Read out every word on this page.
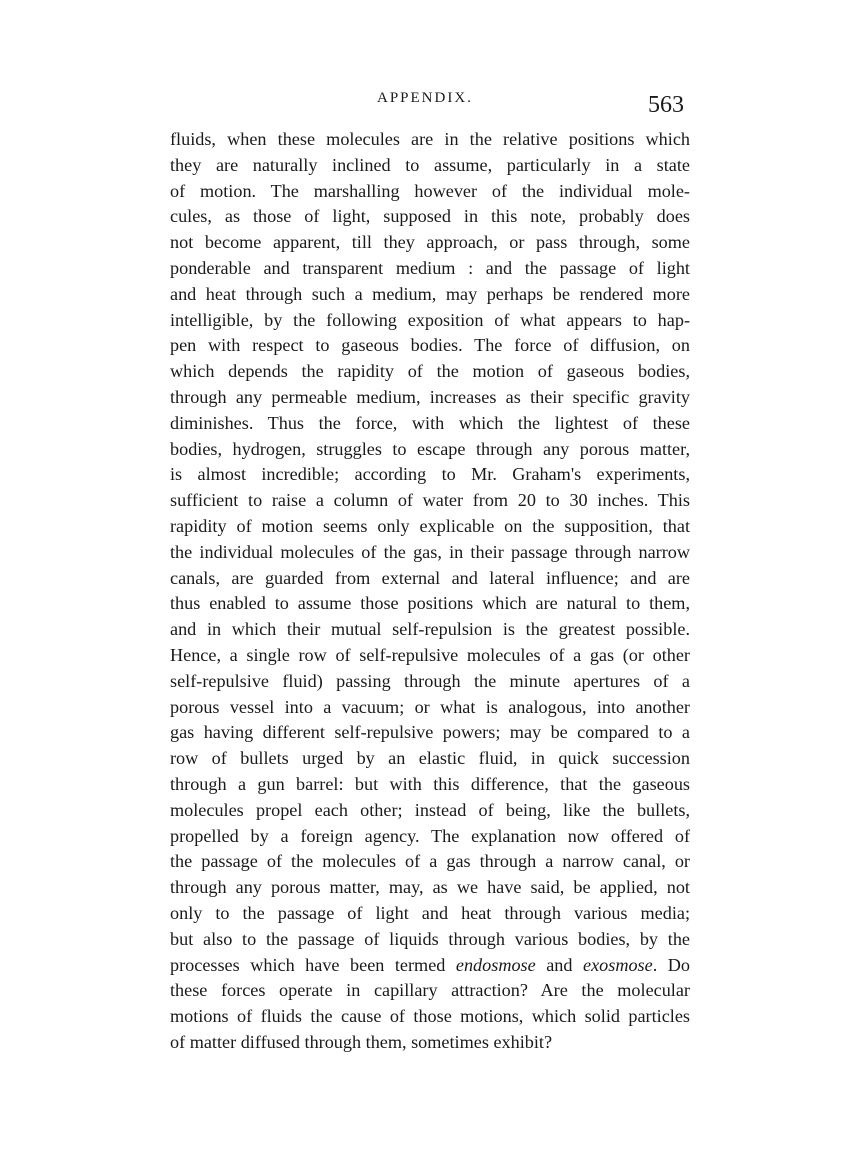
APPENDIX.	563
fluids, when these molecules are in the relative positions which
they are naturally inclined to assume, particularly in a state
of motion. The marshalling however of the individual mole-
cules, as those of light, supposed in this note, probably does
not become apparent, till they approach, or pass through, some
ponderable and transparent medium : and the passage of light
and heat through such a medium, may perhaps be rendered more
intelligible, by the following exposition of what appears to hap-
pen with respect to gaseous bodies. The force of diffusion, on
which depends the rapidity of the motion of gaseous bodies,
through any permeable medium, increases as their specific gravity
diminishes. Thus the force, with which the lightest of these
bodies, hydrogen, struggles to escape through any porous matter,
is almost incredible; according to Mr. Graham's experiments,
sufficient to raise a column of water from 20 to 30 inches. This
rapidity of motion seems only explicable on the supposition, that
the individual molecules of the gas, in their passage through narrow
canals, are guarded from external and lateral influence; and are
thus enabled to assume those positions which are natural to them,
and in which their mutual self-repulsion is the greatest possible.
Hence, a single row of self-repulsive molecules of a gas (or other
self-repulsive fluid) passing through the minute apertures of a
porous vessel into a vacuum; or what is analogous, into another
gas having different self-repulsive powers; may be compared to a
row of bullets urged by an elastic fluid, in quick succession
through a gun barrel: but with this difference, that the gaseous
molecules propel each other; instead of being, like the bullets,
propelled by a foreign agency. The explanation now offered of
the passage of the molecules of a gas through a narrow canal, or
through any porous matter, may, as we have said, be applied, not
only to the passage of light and heat through various media;
but also to the passage of liquids through various bodies, by the
processes which have been termed endosmose and exosmose. Do
these forces operate in capillary attraction? Are the molecular
motions of fluids the cause of those motions, which solid particles
of matter diffused through them, sometimes exhibit?
